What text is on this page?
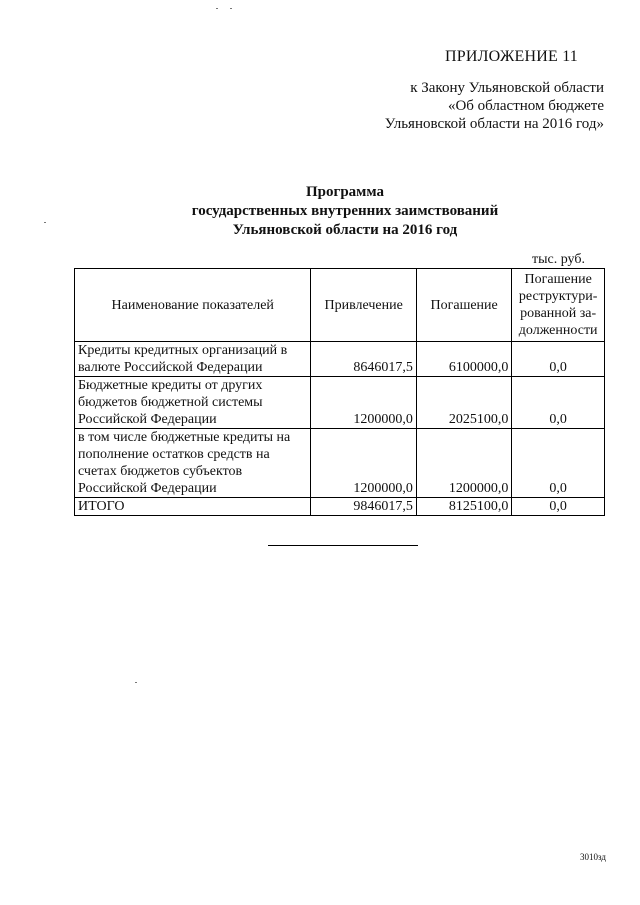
ПРИЛОЖЕНИЕ 11
к Закону Ульяновской области
«Об областном бюджете
Ульяновской области на 2016 год»
Программа
государственных внутренних заимствований
Ульяновской области на 2016 год
тыс. руб.
Наименование показателей	Привлечение	Погашение	Погашение реструктури-рованной за-долженности
Кредиты кредитных организаций в валюте Российской Федерации	8646017,5	6100000,0	0,0
Бюджетные кредиты от других бюджетов бюджетной системы Российской Федерации	1200000,0	2025100,0	0,0
в том числе бюджетные кредиты на пополнение остатков средств на счетах бюджетов субъектов Российской Федерации	1200000,0	1200000,0	0,0
ИТОГО	9846017,5	8125100,0	0,0
3010зд
